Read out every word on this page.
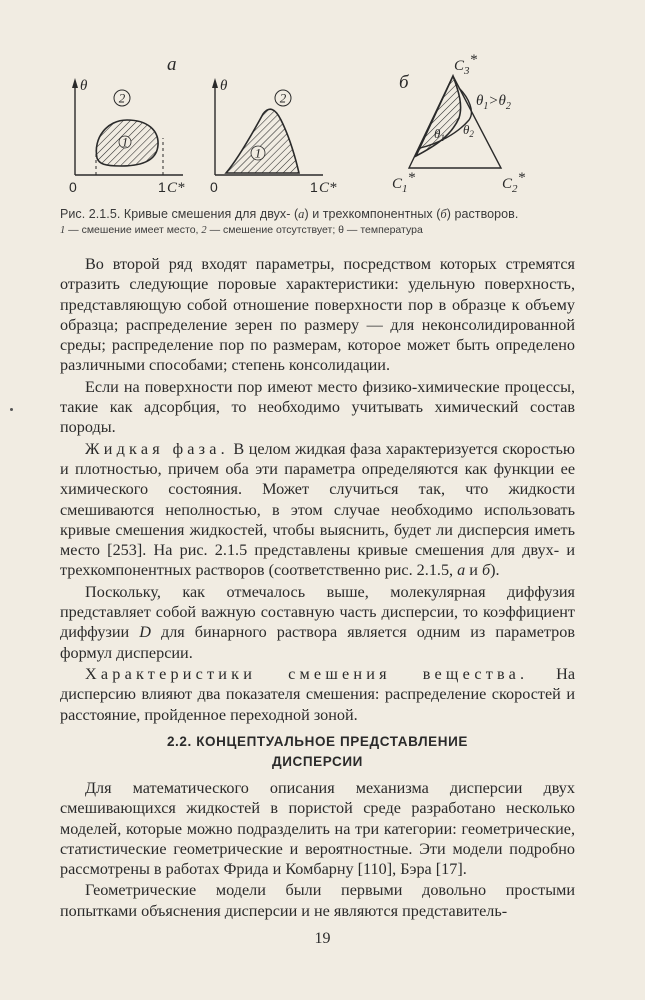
а
θ
1
2
0	1 C*
θ
1
2
0	1 C*
б
$C_3*$
$C_1*$	$C_2*$
$\theta_1>\theta_2$
$\theta_1$
$\theta_2$
Рис. 2.1.5. Кривые смешения для двух- (а) и трехкомпонентных (б) растворов.
1 — смешение имеет место, 2 — смешение отсутствует; θ — температура

Во второй ряд входят параметры, посредством которых стремятся отразить следующие поровые характеристики: удельную поверхность, представляющую собой отношение поверхности пор в образце к объему образца; распределение зерен по размеру — для неконсолидированной среды; распределение пор по размерам, которое может быть определено различными способами; степень консолидации.

Если на поверхности пор имеют место физико-химические процессы, такие как адсорбция, то необходимо учитывать химический состав породы.

Жидкая фаза. В целом жидкая фаза характеризуется скоростью и плотностью, причем оба эти параметра определяются как функции ее химического состояния. Может случиться так, что жидкости смешиваются неполностью, в этом случае необходимо использовать кривые смешения жидкостей, чтобы выяснить, будет ли дисперсия иметь место [253]. На рис. 2.1.5 представлены кривые смешения для двух- и трехкомпонентных растворов (соответственно рис. 2.1.5, а и б).

Поскольку, как отмечалось выше, молекулярная диффузия представляет собой важную составную часть дисперсии, то коэффициент диффузии D для бинарного раствора является одним из параметров формул дисперсии.

Характеристики смешения вещества. На дисперсию влияют два показателя смешения: распределение скоростей и расстояние, пройденное переходной зоной.

2.2. КОНЦЕПТУАЛЬНОЕ ПРЕДСТАВЛЕНИЕ
ДИСПЕРСИИ

Для математического описания механизма дисперсии двух смешивающихся жидкостей в пористой среде разработано несколько моделей, которые можно подразделить на три категории: геометрические, статистические геометрические и вероятностные. Эти модели подробно рассмотрены в работах Фрида и Комбарну [110], Бэра [17].

Геометрические модели были первыми довольно простыми попытками объяснения дисперсии и не являются представитель-

19
